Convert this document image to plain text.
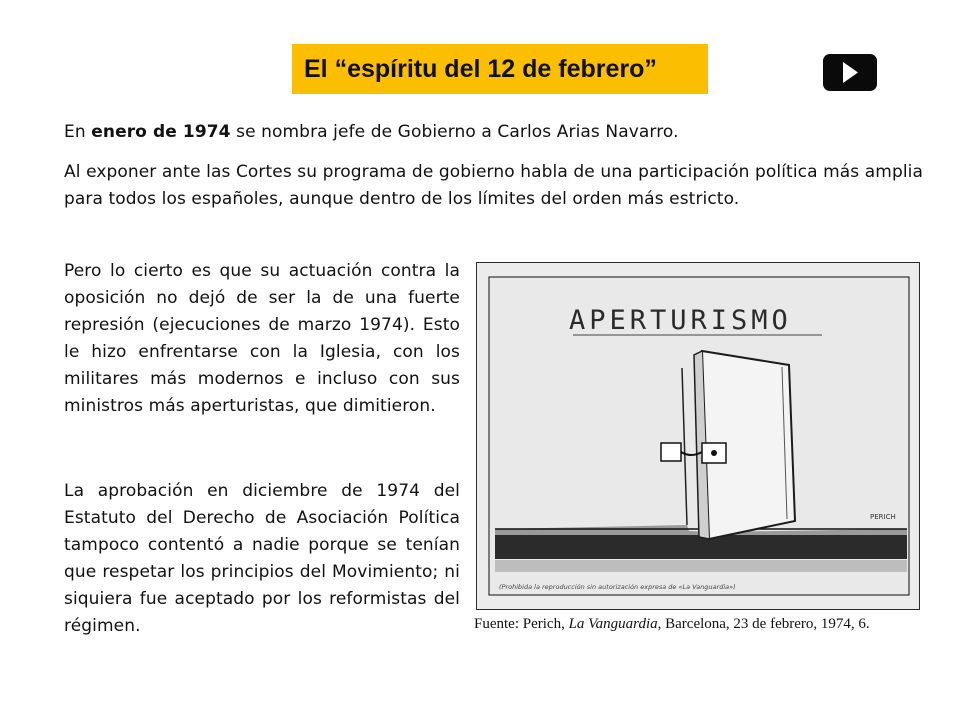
El “espíritu del 12 de febrero”

En enero de 1974 se nombra jefe de Gobierno a Carlos Arias Navarro.

Al exponer ante las Cortes su programa de gobierno habla de una participación política más amplia para todos los españoles, aunque dentro de los límites del orden más estricto.

Pero lo cierto es que su actuación contra la oposición no dejó de ser la de una fuerte represión (ejecuciones de marzo 1974). Esto le hizo enfrentarse con la Iglesia, con los militares más modernos e incluso con sus ministros más aperturistas, que dimitieron.

La aprobación en diciembre de 1974 del Estatuto del Derecho de Asociación Política tampoco contentó a nadie porque se tenían que respetar los principios del Movimiento; ni siquiera fue aceptado por los reformistas del régimen.

APERTURISMO
PERICH
(Prohibida la reproducción sin autorización expresa de «La Vanguardia»)
Fuente: Perich, La Vanguardia, Barcelona, 23 de febrero, 1974, 6.
